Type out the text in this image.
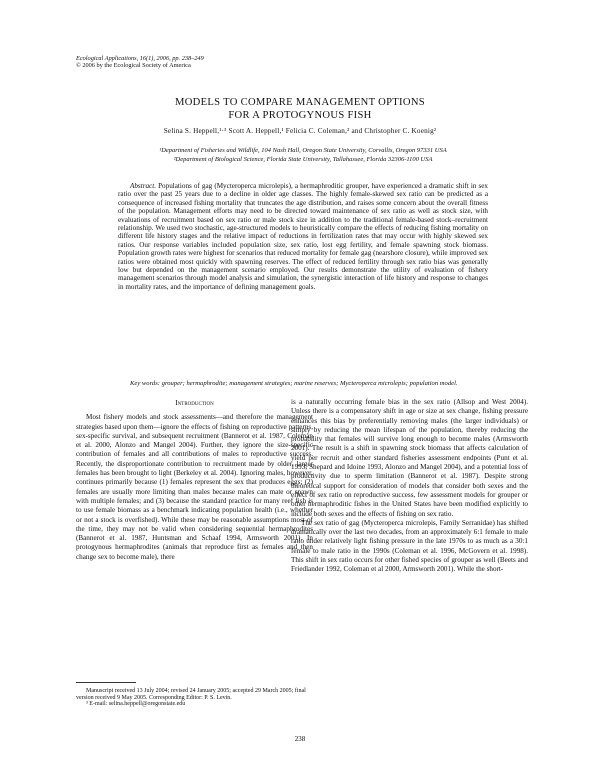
Ecological Applications, 16(1), 2006, pp. 238–249
© 2006 by the Ecological Society of America
MODELS TO COMPARE MANAGEMENT OPTIONS
FOR A PROTOGYNOUS FISH
Selina S. Heppell,¹·³ Scott A. Heppell,¹ Felicia C. Coleman,² and Christopher C. Koenig²
¹Department of Fisheries and Wildlife, 104 Nash Hall, Oregon State University, Corvallis, Oregon 97331 USA
²Department of Biological Science, Florida State University, Tallahassee, Florida 32306-1100 USA
Abstract. Populations of gag (Mycteroperca microlepis), a hermaphroditic grouper, have experienced a dramatic shift in sex ratio over the past 25 years due to a decline in older age classes. The highly female-skewed sex ratio can be predicted as a consequence of increased fishing mortality that truncates the age distribution, and raises some concern about the overall fitness of the population. Management efforts may need to be directed toward maintenance of sex ratio as well as stock size, with evaluations of recruitment based on sex ratio or male stock size in addition to the traditional female-based stock–recruitment relationship. We used two stochastic, age-structured models to heuristically compare the effects of reducing fishing mortality on different life history stages and the relative impact of reductions in fertilization rates that may occur with highly skewed sex ratios. Our response variables included population size, sex ratio, lost egg fertility, and female spawning stock biomass. Population growth rates were highest for scenarios that reduced mortality for female gag (nearshore closure), while improved sex ratios were obtained most quickly with spawning reserves. The effect of reduced fertility through sex ratio bias was generally low but depended on the management scenario employed. Our results demonstrate the utility of evaluation of fishery management scenarios through model analysis and simulation, the synergistic interaction of life history and response to changes in mortality rates, and the importance of defining management goals.
Key words: grouper; hermaphrodite; management strategies; marine reserves; Mycteroperca microlepis; population model.

Introduction

Most fishery models and stock assessments—and therefore the management strategies based upon them—ignore the effects of fishing on reproductive patterns, sex-specific survival, and subsequent recruitment (Bannerot et al. 1987, Coleman et al. 2000, Alonzo and Mangel 2004). Further, they ignore the size-specific contribution of females and all contributions of males to reproductive success. Recently, the disproportionate contribution to recruitment made by older, larger females has been brought to light (Berkeley et al. 2004). Ignoring males, however, continues primarily because (1) females represent the sex that produces eggs; (2) females are usually more limiting than males because males can mate or spawn with multiple females; and (3) because the standard practice for many reef fish is to use female biomass as a benchmark indicating population health (i.e., whether or not a stock is overfished). While these may be reasonable assumptions most of the time, they may not be valid when considering sequential hermaphrodites (Bannerot et al. 1987, Huntsman and Schaaf 1994, Armsworth 2001). In protogynous hermaphrodites (animals that reproduce first as females and then change sex to become male), there

is a naturally occurring female bias in the sex ratio (Allsop and West 2004). Unless there is a compensatory shift in age or size at sex change, fishing pressure enhances this bias by preferentially removing males (the larger individuals) or simply by reducing the mean lifespan of the population, thereby reducing the probability that females will survive long enough to become males (Armsworth 2001). The result is a shift in spawning stock biomass that affects calculation of yield per recruit and other standard fisheries assessment endpoints (Punt et al. 1993, Shepard and Idoine 1993, Alonzo and Mangel 2004), and a potential loss of productivity due to sperm limitation (Bannerot et al. 1987). Despite strong theoretical support for consideration of models that consider both sexes and the effect of sex ratio on reproductive success, few assessment models for grouper or other hermaphroditic fishes in the United States have been modified explicitly to include both sexes and the effects of fishing on sex ratio.

The sex ratio of gag (Mycteroperca microlepis, Family Serranidae) has shifted dramatically over the last two decades, from an approximately 6:1 female to male ratio under relatively light fishing pressure in the late 1970s to as much as a 30:1 female to male ratio in the 1990s (Coleman et al. 1996, McGovern et al. 1998). This shift in sex ratio occurs for other fished species of grouper as well (Beets and Friedlander 1992, Coleman et al 2000, Armsworth 2001). While the short-

Manuscript received 13 July 2004; revised 24 January 2005; accepted 29 March 2005; final version received 9 May 2005. Corresponding Editor: P. S. Levin.

³ E-mail: selina.heppell@oregonstate.edu

238
